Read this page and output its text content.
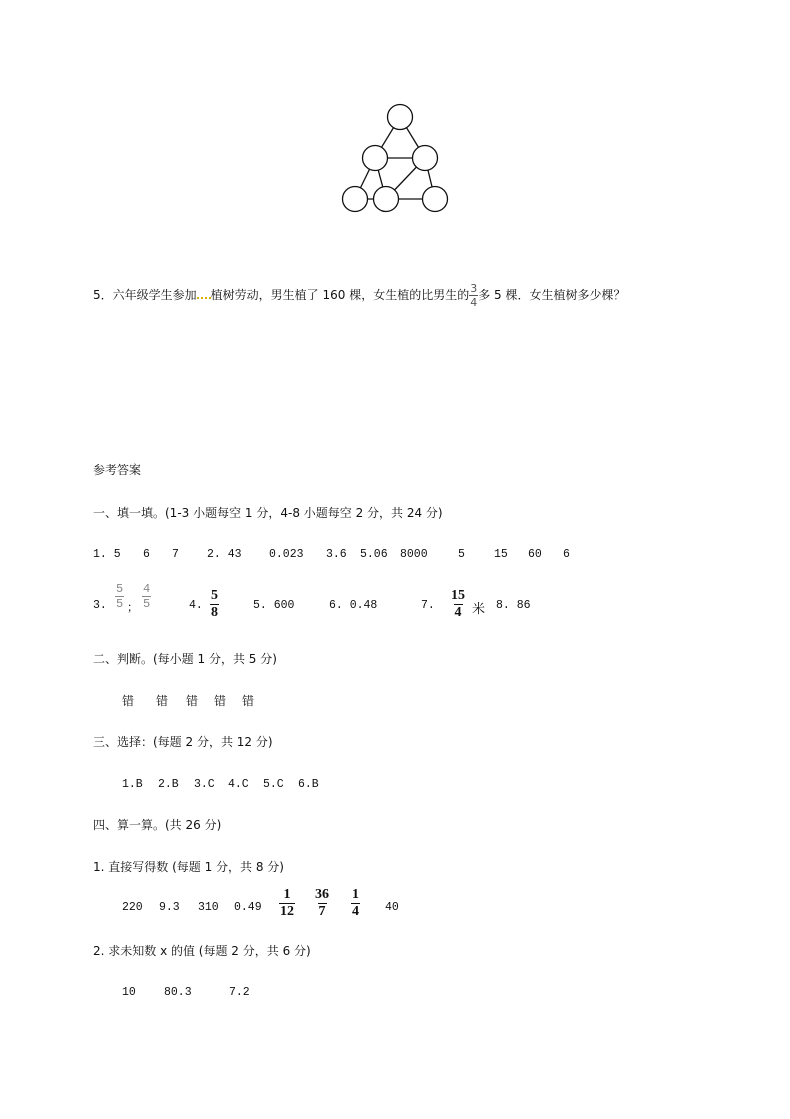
5．六年级学生参加 植树劳动，男生植了 160 棵，女生植的比男生的 $\frac{3}{4}$ 多 5 棵．女生植树多少棵？
参考答案
一、填一填。(1-3 小题每空 1 分，4-8 小题每空 2 分，共 24 分)
1. 5 6 7 2. 43 0.023 3.6 5.06 8000	5	15 60 6
3. $\frac{5}{5}$ ； $\frac{4}{5}$	4. $\frac{5}{8}$	5. 600	6. 0.48	7. $\frac{15}{4}$ 米 8. 86
二、判断。(每小题 1 分，共 5 分)
错 错 错 错 错
三、选择：(每题 2 分，共 12 分)
1.B 2.B 3.C 4.C 5.C 6.B
四、算一算。(共 26 分)
1. 直接写得数 (每题 1 分，共 8 分)
220 9.3 310 $0.49 \frac{1}{12} \frac{36}{7} \frac{1}{4} 40$
2. 求未知数 x 的值 (每题 2 分，共 6 分)
10 80.3	7.2
